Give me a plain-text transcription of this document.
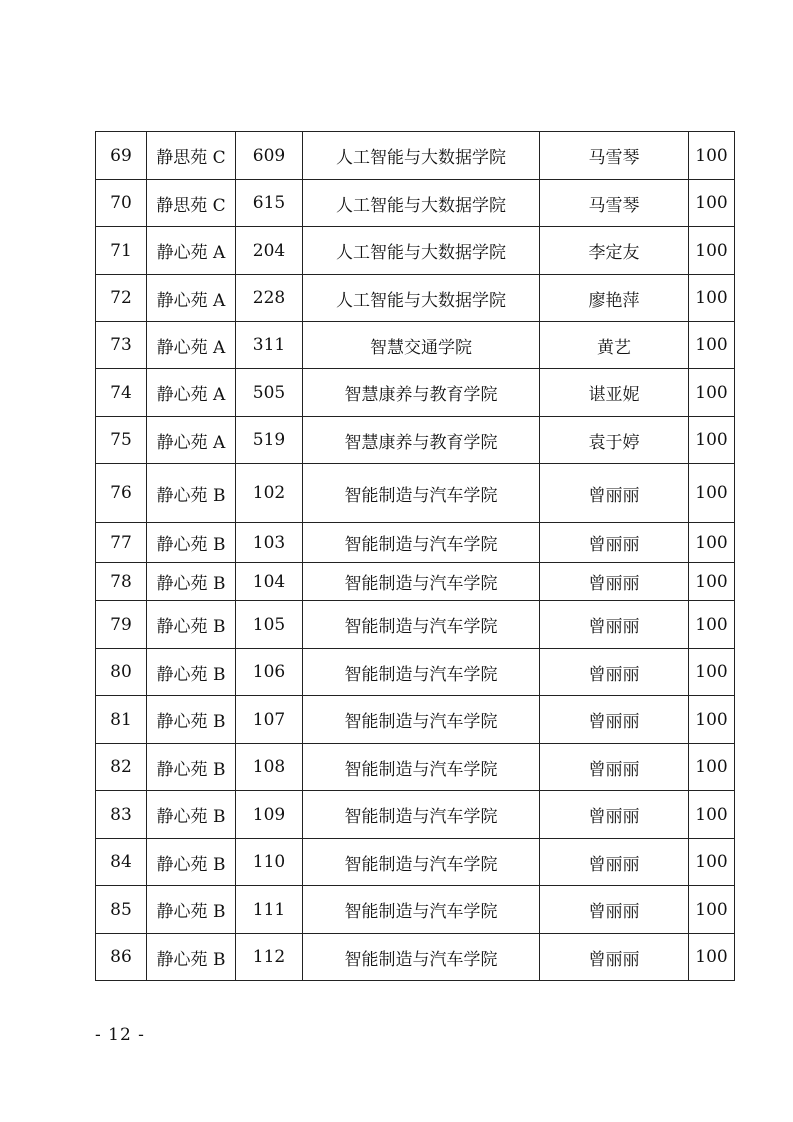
69	静思苑 C	609	人工智能与大数据学院	马雪琴	100
70	静思苑 C	615	人工智能与大数据学院	马雪琴	100
71	静心苑 A	204	人工智能与大数据学院	李定友	100
72	静心苑 A	228	人工智能与大数据学院	廖艳萍	100
73	静心苑 A	311	智慧交通学院	黄艺	100
74	静心苑 A	505	智慧康养与教育学院	谌亚妮	100
75	静心苑 A	519	智慧康养与教育学院	袁于婷	100
76	静心苑 B	102	智能制造与汽车学院	曾丽丽	100
77	静心苑 B	103	智能制造与汽车学院	曾丽丽	100
78	静心苑 B	104	智能制造与汽车学院	曾丽丽	100
79	静心苑 B	105	智能制造与汽车学院	曾丽丽	100
80	静心苑 B	106	智能制造与汽车学院	曾丽丽	100
81	静心苑 B	107	智能制造与汽车学院	曾丽丽	100
82	静心苑 B	108	智能制造与汽车学院	曾丽丽	100
83	静心苑 B	109	智能制造与汽车学院	曾丽丽	100
84	静心苑 B	110	智能制造与汽车学院	曾丽丽	100
85	静心苑 B	111	智能制造与汽车学院	曾丽丽	100
86	静心苑 B	112	智能制造与汽车学院	曾丽丽	100
- 12 -
